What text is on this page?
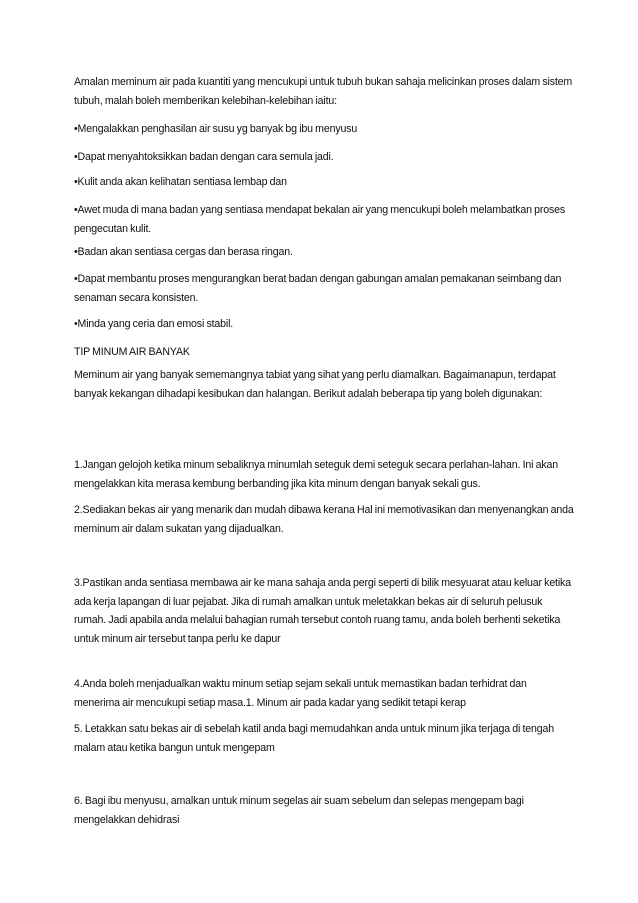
Amalan meminum air pada kuantiti yang mencukupi untuk tubuh bukan sahaja melicinkan proses dalam sistem tubuh, malah boleh memberikan kelebihan-kelebihan iaitu:

•Mengalakkan penghasilan air susu yg banyak bg ibu menyusu

•Dapat menyahtoksikkan badan dengan cara semula jadi.

•Kulit anda akan kelihatan sentiasa lembap dan

•Awet muda di mana badan yang sentiasa mendapat bekalan air yang mencukupi boleh melambatkan proses pengecutan kulit.

•Badan akan sentiasa cergas dan berasa ringan.

•Dapat membantu proses mengurangkan berat badan dengan gabungan amalan pemakanan seimbang dan senaman secara konsisten.

•Minda yang ceria dan emosi stabil.

TIP MINUM AIR BANYAK

Meminum air yang banyak sememangnya tabiat yang sihat yang perlu diamalkan. Bagaimanapun, terdapat banyak kekangan dihadapi kesibukan dan halangan. Berikut adalah beberapa tip yang boleh digunakan:

1.Jangan gelojoh ketika minum sebaliknya minumlah seteguk demi seteguk secara perlahan-lahan. Ini akan mengelakkan kita merasa kembung berbanding jika kita minum dengan banyak sekali gus.

2.Sediakan bekas air yang menarik dan mudah dibawa kerana Hal ini memotivasikan dan menyenangkan anda meminum air dalam sukatan yang dijadualkan.

3.Pastikan anda sentiasa membawa air ke mana sahaja anda pergi seperti di bilik mesyuarat atau keluar ketika ada kerja lapangan di luar pejabat. Jika di rumah amalkan untuk meletakkan bekas air di seluruh pelusuk rumah. Jadi apabila anda melalui bahagian rumah tersebut contoh ruang tamu, anda boleh berhenti seketika untuk minum air tersebut tanpa perlu ke dapur

4.Anda boleh menjadualkan waktu minum setiap sejam sekali untuk memastikan badan terhidrat dan menerima air mencukupi setiap masa.1. Minum air pada kadar yang sedikit tetapi kerap

5. Letakkan satu bekas air di sebelah katil anda bagi memudahkan anda untuk minum jika terjaga di tengah malam atau ketika bangun untuk mengepam

6. Bagi ibu menyusu, amalkan untuk minum segelas air suam sebelum dan selepas mengepam bagi mengelakkan dehidrasi
